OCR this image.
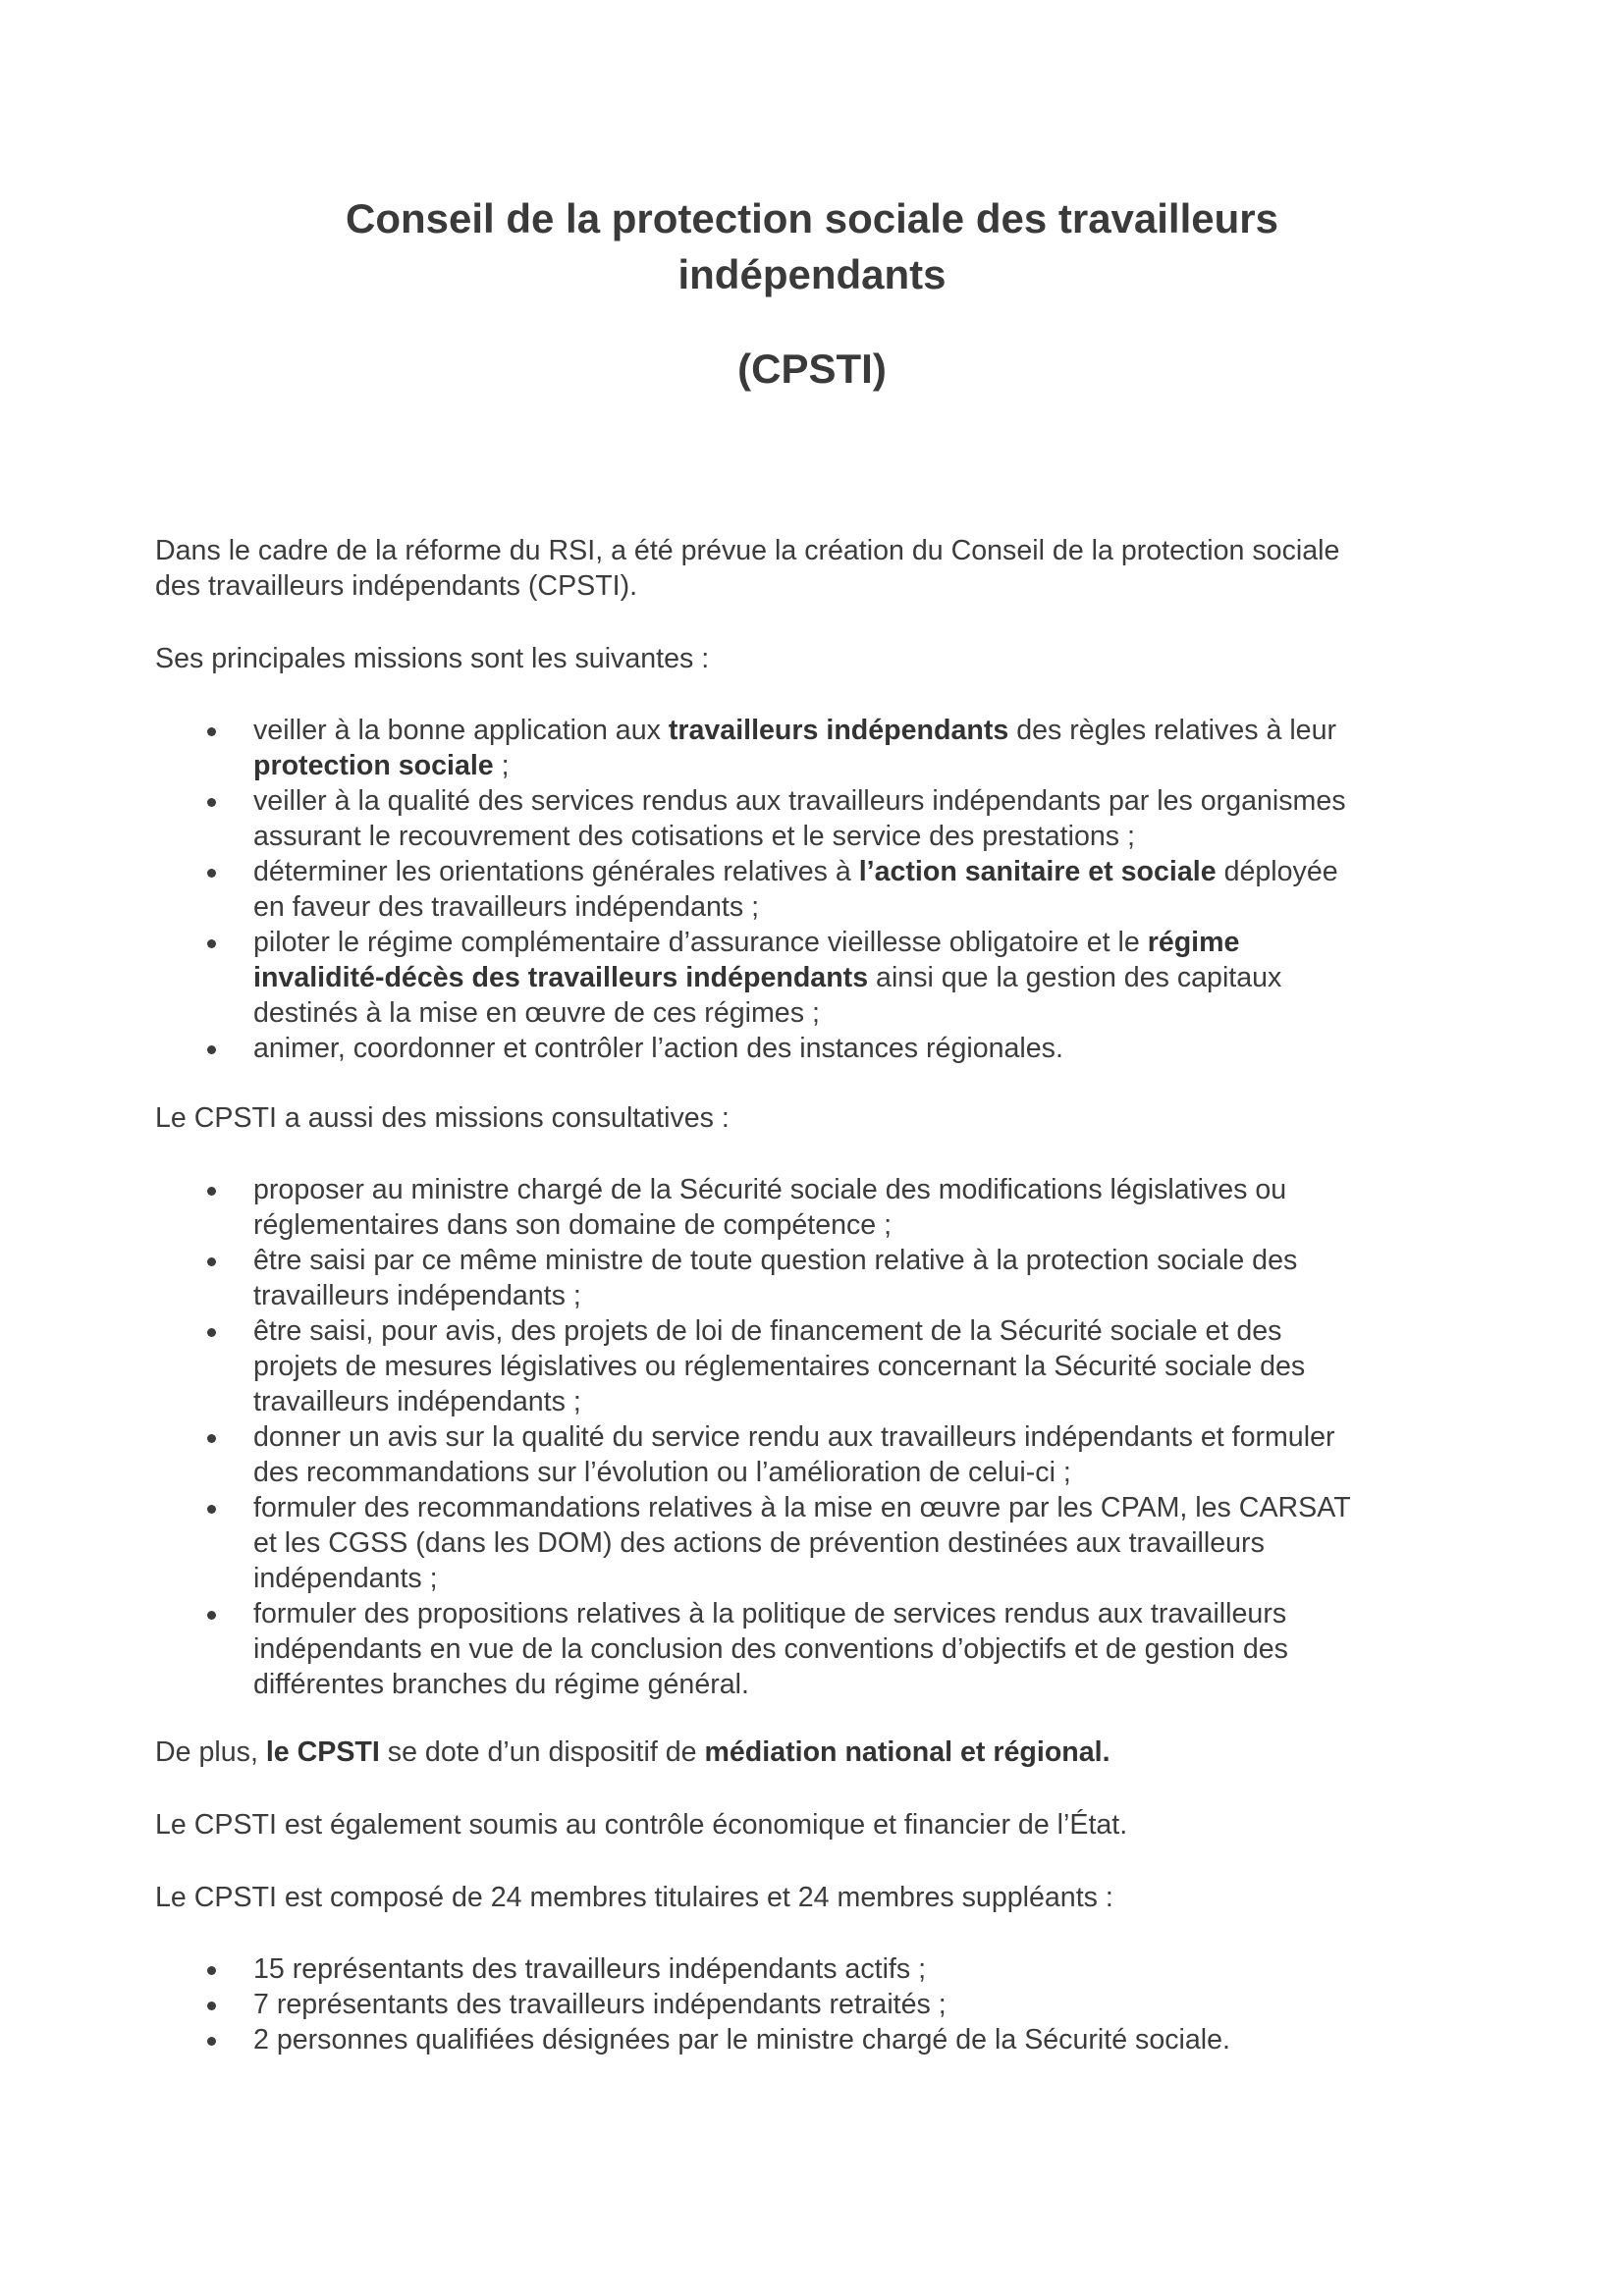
Conseil de la protection sociale des travailleurs
indépendants
(CPSTI)
Dans le cadre de la réforme du RSI, a été prévue la création du Conseil de la protection sociale
des travailleurs indépendants (CPSTI).
Ses principales missions sont les suivantes :
veiller à la bonne application aux travailleurs indépendants des règles relatives à leur
protection sociale ;
veiller à la qualité des services rendus aux travailleurs indépendants par les organismes
assurant le recouvrement des cotisations et le service des prestations ;
déterminer les orientations générales relatives à l’action sanitaire et sociale déployée
en faveur des travailleurs indépendants ;
piloter le régime complémentaire d’assurance vieillesse obligatoire et le régime
invalidité-décès des travailleurs indépendants ainsi que la gestion des capitaux
destinés à la mise en œuvre de ces régimes ;
animer, coordonner et contrôler l’action des instances régionales.
Le CPSTI a aussi des missions consultatives :
proposer au ministre chargé de la Sécurité sociale des modifications législatives ou
réglementaires dans son domaine de compétence ;
être saisi par ce même ministre de toute question relative à la protection sociale des
travailleurs indépendants ;
être saisi, pour avis, des projets de loi de financement de la Sécurité sociale et des
projets de mesures législatives ou réglementaires concernant la Sécurité sociale des
travailleurs indépendants ;
donner un avis sur la qualité du service rendu aux travailleurs indépendants et formuler
des recommandations sur l’évolution ou l’amélioration de celui-ci ;
formuler des recommandations relatives à la mise en œuvre par les CPAM, les CARSAT
et les CGSS (dans les DOM) des actions de prévention destinées aux travailleurs
indépendants ;
formuler des propositions relatives à la politique de services rendus aux travailleurs
indépendants en vue de la conclusion des conventions d’objectifs et de gestion des
différentes branches du régime général.
De plus, le CPSTI se dote d’un dispositif de médiation national et régional.
Le CPSTI est également soumis au contrôle économique et financier de l’État.
Le CPSTI est composé de 24 membres titulaires et 24 membres suppléants :
15 représentants des travailleurs indépendants actifs ;
7 représentants des travailleurs indépendants retraités ;
2 personnes qualifiées désignées par le ministre chargé de la Sécurité sociale.
